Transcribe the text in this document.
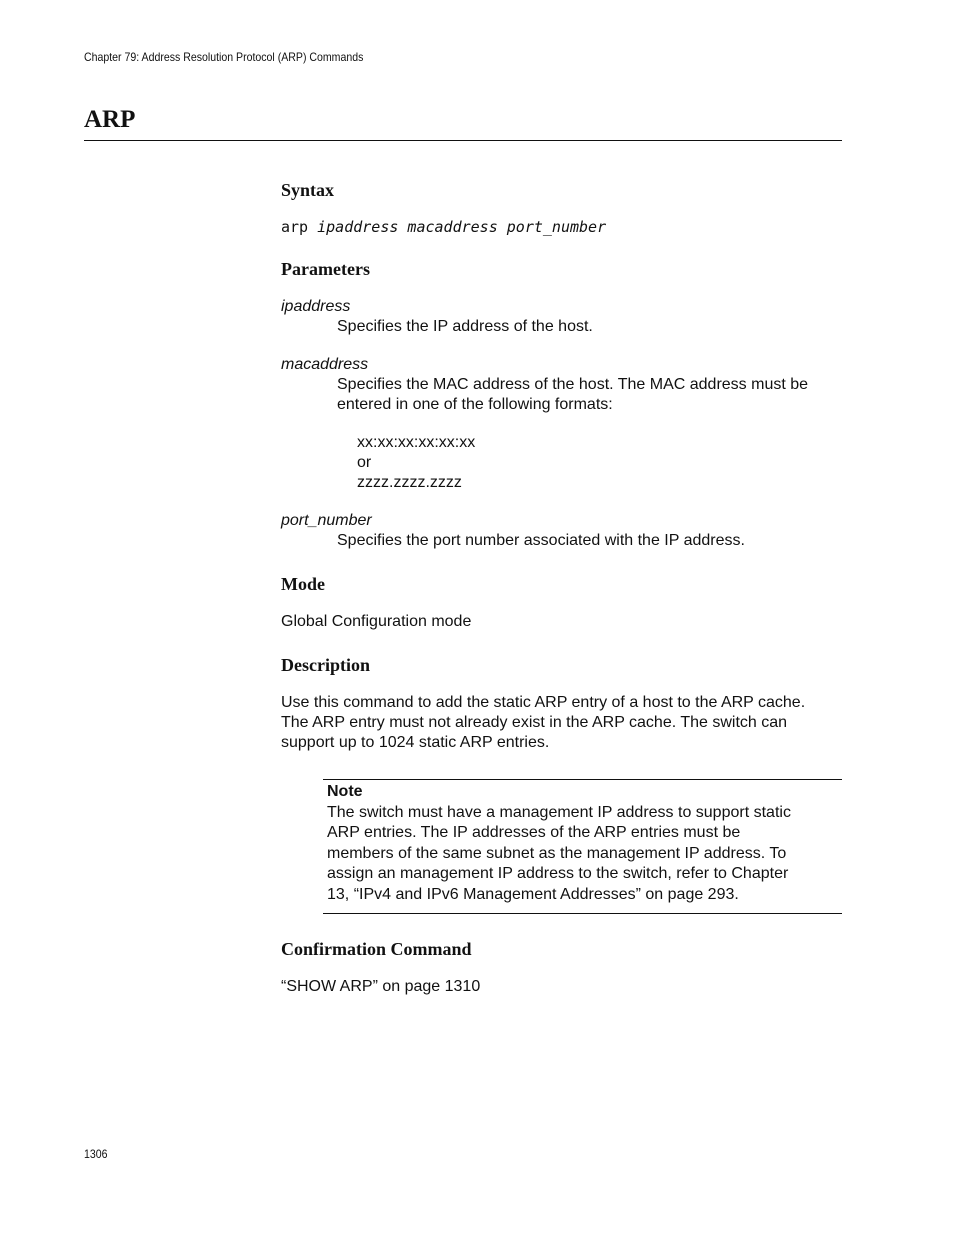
Chapter 79: Address Resolution Protocol (ARP) Commands
ARP
Syntax
arp ipaddress macaddress port_number
Parameters
ipaddress
Specifies the IP address of the host.
macaddress
Specifies the MAC address of the host. The MAC address must be
entered in one of the following formats:
xx:xx:xx:xx:xx:xx
or
zzzz.zzzz.zzzz
port_number
Specifies the port number associated with the IP address.
Mode
Global Configuration mode
Description
Use this command to add the static ARP entry of a host to the ARP cache.
The ARP entry must not already exist in the ARP cache. The switch can
support up to 1024 static ARP entries.
Note
The switch must have a management IP address to support static
ARP entries. The IP addresses of the ARP entries must be
members of the same subnet as the management IP address. To
assign an management IP address to the switch, refer to Chapter
13, “IPv4 and IPv6 Management Addresses” on page 293.
Confirmation Command
“SHOW ARP” on page 1310
1306
